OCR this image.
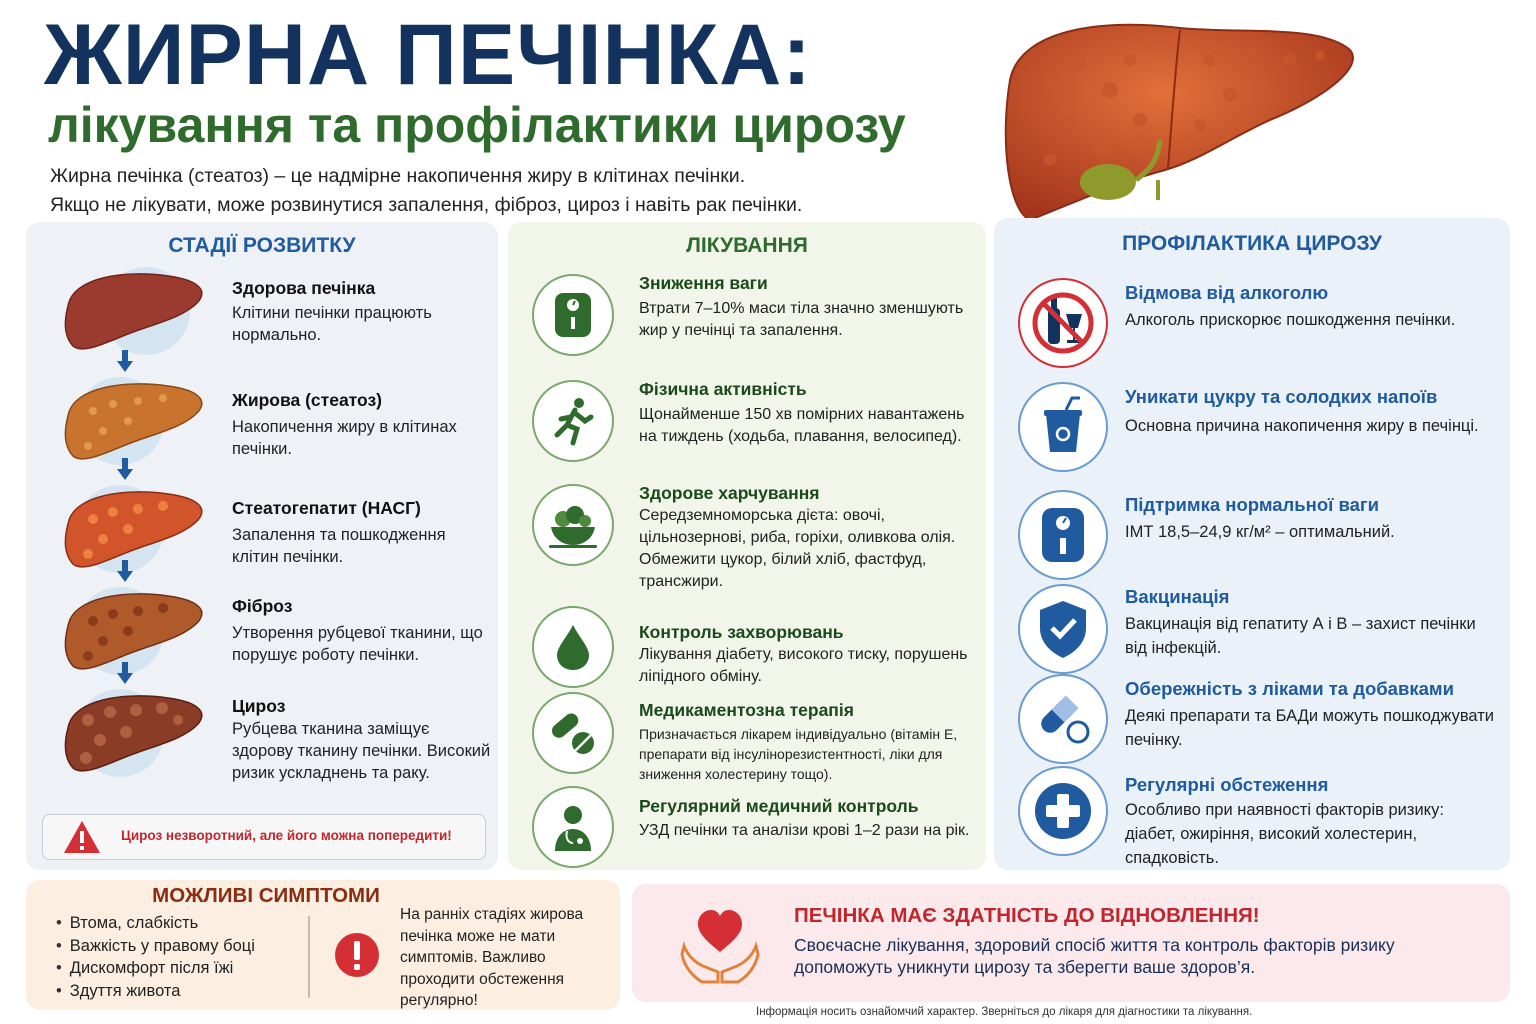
ЖИРНА ПЕЧІНКА:
лікування та профілактики цирозу
Жирна печінка (стеатоз) – це надмірне накопичення жиру в клітинах печінки.
Якщо не лікувати, може розвинутися запалення, фіброз, цироз і навіть рак печінки.
СТАДІЇ РОЗВИТКУ
Здорова печінка
Клітини печінки працюють нормально.
Жирова (стеатоз)
Накопичення жиру в клітинах печінки.
Стеатогепатит (НАСГ)
Запалення та пошкодження клітин печінки.
Фіброз
Утворення рубцевої тканини, що порушує роботу печінки.
Цироз
Рубцева тканина заміщує здорову тканину печінки. Високий ризик ускладнень та раку.
Цироз незворотний, але його можна попередити!
ЛІКУВАННЯ
Зниження ваги
Втрати 7–10% маси тіла значно зменшують жир у печінці та запалення.
Фізична активність
Щонайменше 150 хв помірних навантажень на тиждень (ходьба, плавання, велосипед).
Здорове харчування
Середземноморська дієта: овочі, цільнозернові, риба, горіхи, оливкова олія. Обмежити цукор, білий хліб, фастфуд, трансжири.
Контроль захворювань
Лікування діабету, високого тиску, порушень ліпідного обміну.
Медикаментозна терапія
Призначається лікарем індивідуально (вітамін Е, препарати від інсулінорезистентності, ліки для зниження холестерину тощо).
Регулярний медичний контроль
УЗД печінки та аналізи крові 1–2 рази на рік.
ПРОФІЛАКТИКА ЦИРОЗУ
Відмова від алкоголю
Алкоголь прискорює пошкодження печінки.
Уникати цукру та солодких напоїв
Основна причина накопичення жиру в печінці.
Підтримка нормальної ваги
ІМТ 18,5–24,9 кг/м² – оптимальний.
Вакцинація
Вакцинація від гепатиту А і В – захист печінки від інфекцій.
Обережність з ліками та добавками
Деякі препарати та БАДи можуть пошкоджувати печінку.
Регулярні обстеження
Особливо при наявності факторів ризику: діабет, ожиріння, високий холестерин, спадковість.
МОЖЛИВІ СИМПТОМИ
• Втома, слабкість
• Важкість у правому боці
• Дискомфорт після їжі
• Здуття живота
На ранніх стадіях жирова печінка може не мати симптомів. Важливо проходити обстеження регулярно!
ПЕЧІНКА МАЄ ЗДАТНІСТЬ ДО ВІДНОВЛЕННЯ!
Своєчасне лікування, здоровий спосіб життя та контроль факторів ризику допоможуть уникнути цирозу та зберегти ваше здоров’я.
Інформація носить ознайомчий характер. Зверніться до лікаря для діагностики та лікування.
